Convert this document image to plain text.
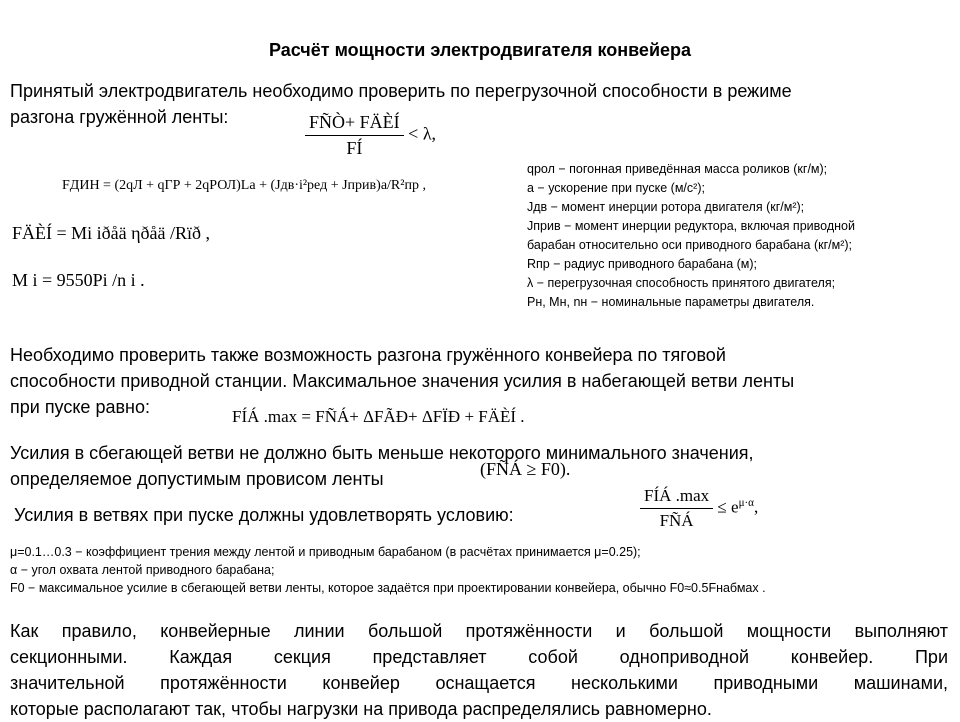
Расчёт мощности электродвигателя конвейера
Принятый электродвигатель необходимо проверить по перегрузочной способности в режиме
разгона гружённой ленты:	$\frac{\text{FÑÒ+ FÄÈÍ}}{FÍ} < \lambda$,
FДИН = (2qЛ + qГР + 2qРОЛ)La + (Jдв·i²ред + Jприв)a/R²пр ,
FÄÈÍ = Mi iðåä ηðåä /Rïð ,
M i = 9550Pi /n i .
qрол − погонная приведённая масса роликов (кг/м);
a − ускорение при пуске (м/с²);
Jдв − момент инерции ротора двигателя (кг/м²);
Jприв − момент инерции редуктора, включая приводной
барабан относительно оси приводного барабана (кг/м²);
Rпр − радиус приводного барабана (м);
λ − перегрузочная способность принятого двигателя;
Pн, Mн, nн − номинальные параметры двигателя.
Необходимо проверить также возможность разгона гружённого конвейера по тяговой
способности приводной станции. Максимальное значения усилия в набегающей ветви ленты
при пуске равно:	FÍÁ .max = FÑÁ+ ΔFÃÐ+ ΔFÏÐ + FÄÈÍ .
Усилия в сбегающей ветви не должно быть меньше некоторого минимального значения,
определяемое допустимым провисом ленты	(FÑÁ ≥ F0).
Усилия в ветвях при пуске должны удовлетворять условию:	$\frac{\text{FÍÁ .max}}{\text{FÑÁ}} \le e^{\mu\cdot\alpha}$,
μ=0.1…0.3 − коэффициент трения между лентой и приводным барабаном (в расчётах принимается μ=0.25);
α − угол охвата лентой приводного барабана;
F0 − максимальное усилие в сбегающей ветви ленты, которое задаётся при проектировании конвейера, обычно F0≈0.5Fнабмах .
Как правило, конвейерные линии большой протяжённости и большой мощности выполняют
секционными. Каждая секция представляет собой одноприводной конвейер. При
значительной протяжённости конвейер оснащается несколькими приводными машинами,
которые располагают так, чтобы нагрузки на привода распределялись равномерно.
